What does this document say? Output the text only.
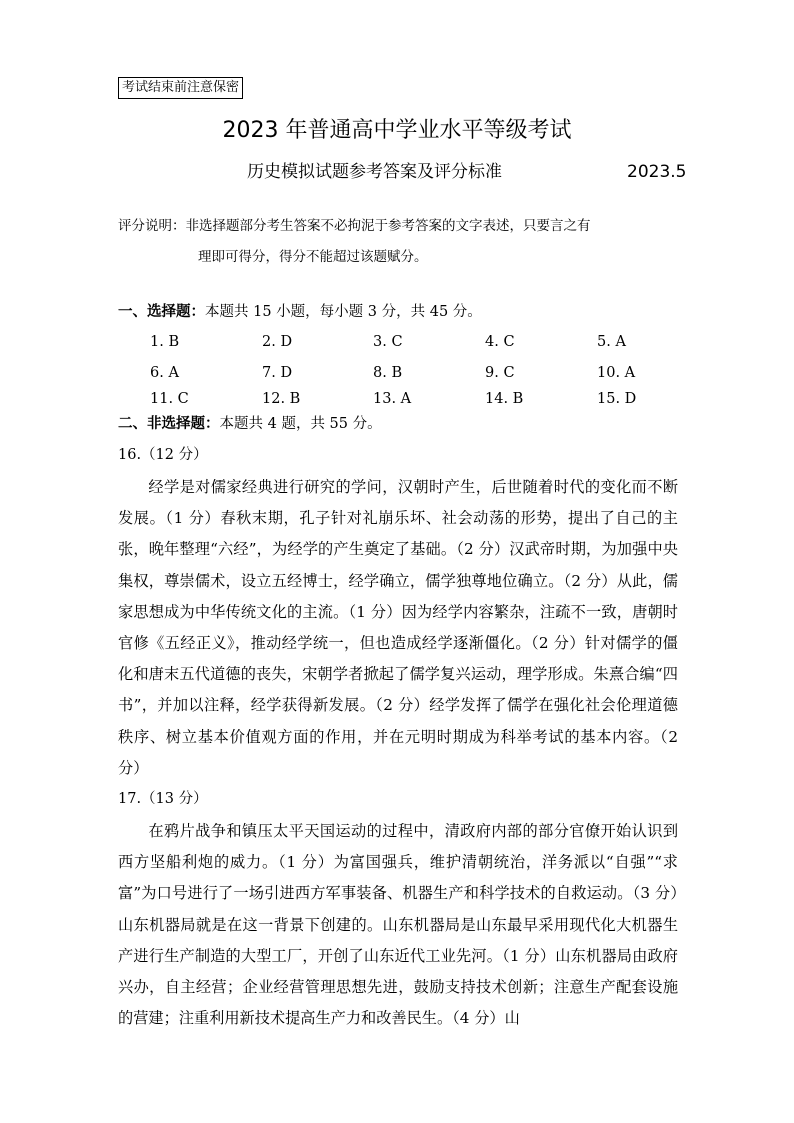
考试结束前注意保密
2023 年普通高中学业水平等级考试
历史模拟试题参考答案及评分标准	2023.5
评分说明：非选择题部分考生答案不必拘泥于参考答案的文字表述，只要言之有
理即可得分，得分不能超过该题赋分。
一、选择题：本题共 15 小题，每小题 3 分，共 45 分。
1. B	2. D	3. C	4. C	5. A
6. A	7. D	8. B	9. C	10. A
11. C	12. B	13. A	14. B	15. D
二、非选择题：本题共 4 题，共 55 分。
16.（12 分）
经学是对儒家经典进行研究的学问，汉朝时产生，后世随着时代的变化而不断发展。（1 分）春秋末期，孔子针对礼崩乐坏、社会动荡的形势，提出了自己的主张，晚年整理“六经”，为经学的产生奠定了基础。（2 分）汉武帝时期，为加强中央集权，尊崇儒术，设立五经博士，经学确立，儒学独尊地位确立。（2 分）从此，儒家思想成为中华传统文化的主流。（1 分）因为经学内容繁杂，注疏不一致，唐朝时官修《五经正义》，推动经学统一，但也造成经学逐渐僵化。（2 分）针对儒学的僵化和唐末五代道德的丧失，宋朝学者掀起了儒学复兴运动，理学形成。朱熹合编“四书”，并加以注释，经学获得新发展。（2 分）经学发挥了儒学在强化社会伦理道德秩序、树立基本价值观方面的作用，并在元明时期成为科举考试的基本内容。（2 分）
17.（13 分）
在鸦片战争和镇压太平天国运动的过程中，清政府内部的部分官僚开始认识到西方坚船利炮的威力。（1 分）为富国强兵，维护清朝统治，洋务派以“自强”“求富”为口号进行了一场引进西方军事装备、机器生产和科学技术的自救运动。（3 分）山东机器局就是在这一背景下创建的。山东机器局是山东最早采用现代化大机器生产进行生产制造的大型工厂，开创了山东近代工业先河。（1 分）山东机器局由政府兴办，自主经营；企业经营管理思想先进，鼓励支持技术创新；注意生产配套设施的营建；注重利用新技术提高生产力和改善民生。（4 分）山
